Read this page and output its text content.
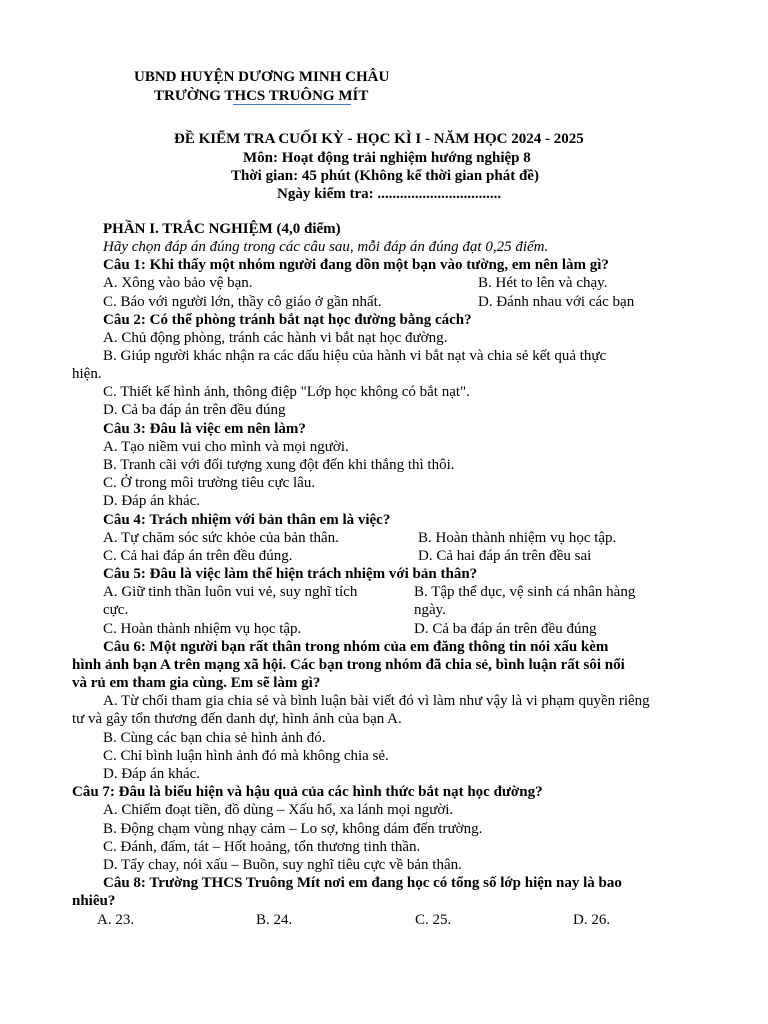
UBND HUYỆN DƯƠNG MINH CHÂU
TRƯỜNG THCS TRUÔNG MÍT
ĐỀ KIỂM TRA CUỐI KỲ - HỌC KÌ I - NĂM HỌC 2024 - 2025
Môn: Hoạt động trải nghiệm hướng nghiệp 8
Thời gian: 45 phút (Không kể thời gian phát đề)
Ngày kiểm tra: .................................
PHẦN I. TRẮC NGHIỆM (4,0 điểm)
Hãy chọn đáp án đúng trong các câu sau, mỗi đáp án đúng đạt 0,25 điểm.
Câu 1: Khi thấy một nhóm người đang dồn một bạn vào tường, em nên làm gì?
A. Xông vào bảo vệ bạn.	B. Hét to lên và chạy.
C. Báo với người lớn, thầy cô giáo ở gần nhất.	D. Đánh nhau với các bạn
Câu 2: Có thể phòng tránh bắt nạt học đường bằng cách?
A. Chủ động phòng, tránh các hành vi bắt nạt học đường.
B. Giúp người khác nhận ra các dấu hiệu của hành vi bắt nạt và chia sẻ kết quả thực
hiện.
C. Thiết kế hình ảnh, thông điệp "Lớp học không có bắt nạt".
D. Cả ba đáp án trên đều đúng
Câu 3: Đâu là việc em nên làm?
A. Tạo niềm vui cho mình và mọi người.
B. Tranh cãi với đối tượng xung đột đến khi thắng thì thôi.
C. Ở trong môi trường tiêu cực lâu.
D. Đáp án khác.
Câu 4: Trách nhiệm với bản thân em là việc?
A. Tự chăm sóc sức khỏe của bản thân.	B. Hoàn thành nhiệm vụ học tập.
C. Cả hai đáp án trên đều đúng.	D. Cả hai đáp án trên đều sai
Câu 5: Đâu là việc làm thể hiện trách nhiệm với bản thân?
A. Giữ tinh thần luôn vui vẻ, suy nghĩ tích	B. Tập thể dục, vệ sinh cá nhân hàng
cực.	ngày.
C. Hoàn thành nhiệm vụ học tập.	D. Cả ba đáp án trên đều đúng
Câu 6: Một người bạn rất thân trong nhóm của em đăng thông tin nói xấu kèm
hình ảnh bạn A trên mạng xã hội. Các bạn trong nhóm đã chia sẻ, bình luận rất sôi nổi
và rủ em tham gia cùng. Em sẽ làm gì?
A. Từ chối tham gia chia sẻ và bình luận bài viết đó vì làm như vậy là vi phạm quyền riêng
tư và gây tổn thương đến danh dự, hình ảnh của bạn A.
B. Cùng các bạn chia sẻ hình ảnh đó.
C. Chỉ bình luận hình ảnh đó mà không chia sẻ.
D. Đáp án khác.
Câu 7: Đâu là biểu hiện và hậu quả của các hình thức bắt nạt học đường?
A. Chiếm đoạt tiền, đồ dùng – Xấu hổ, xa lánh mọi người.
B. Động chạm vùng nhạy cảm – Lo sợ, không dám đến trường.
C. Đánh, đấm, tát – Hốt hoảng, tổn thương tinh thần.
D. Tẩy chay, nói xấu – Buồn, suy nghĩ tiêu cực về bản thân.
Câu 8: Trường THCS Truông Mít nơi em đang học có tổng số lớp hiện nay là bao
nhiêu?
A. 23.	B. 24.	C. 25.	D. 26.
